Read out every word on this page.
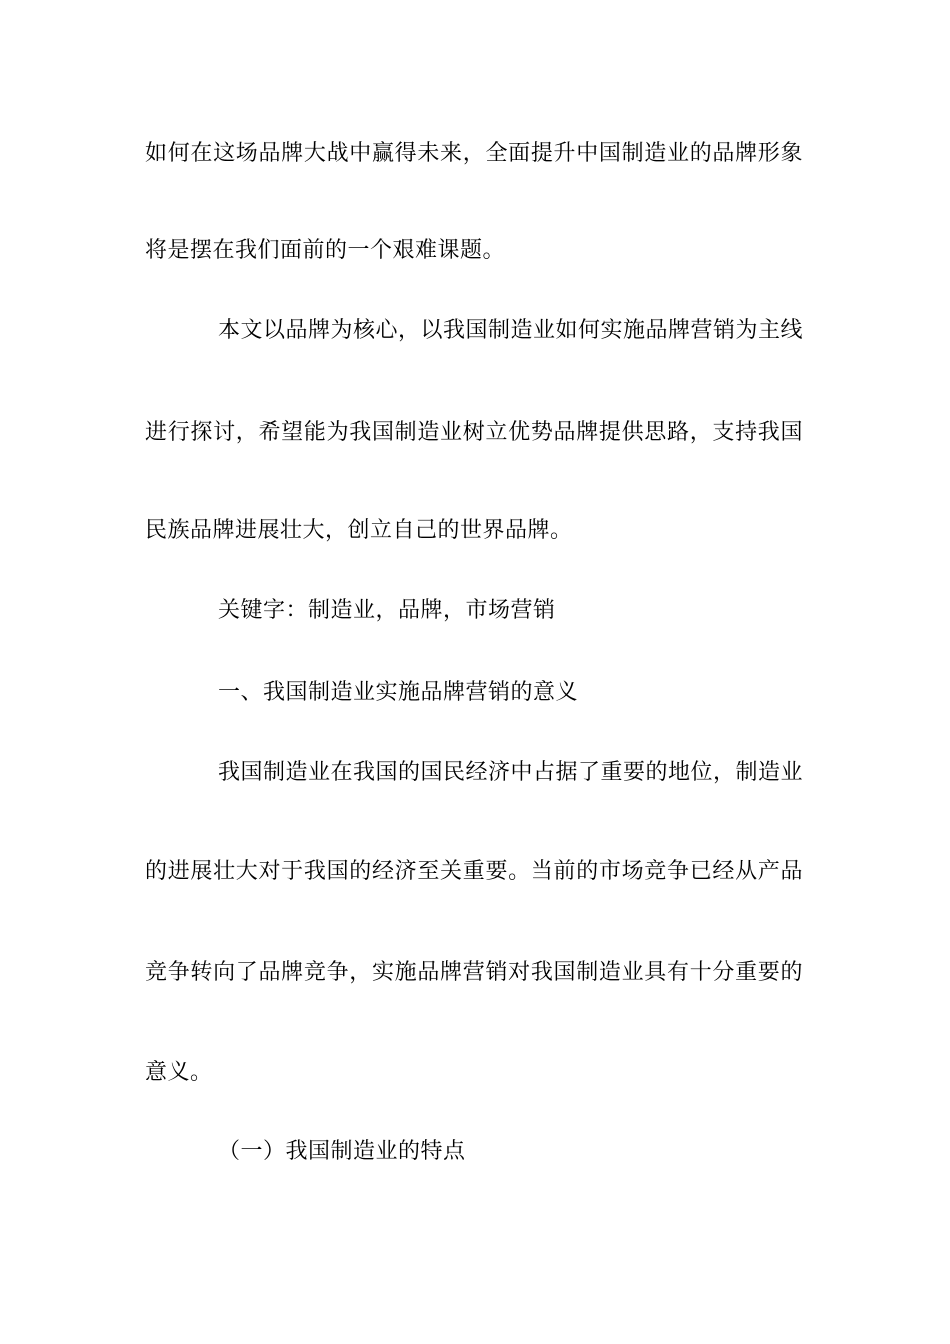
如何在这场品牌大战中赢得未来，全面提升中国制造业的品牌形象
将是摆在我们面前的一个艰难课题。
本文以品牌为核心，以我国制造业如何实施品牌营销为主线
进行探讨，希望能为我国制造业树立优势品牌提供思路，支持我国
民族品牌进展壮大，创立自己的世界品牌。
关键字：制造业，品牌，市场营销
一、我国制造业实施品牌营销的意义
我国制造业在我国的国民经济中占据了重要的地位，制造业
的进展壮大对于我国的经济至关重要。当前的市场竞争已经从产品
竞争转向了品牌竞争，实施品牌营销对我国制造业具有十分重要的
意义。
（一）我国制造业的特点
